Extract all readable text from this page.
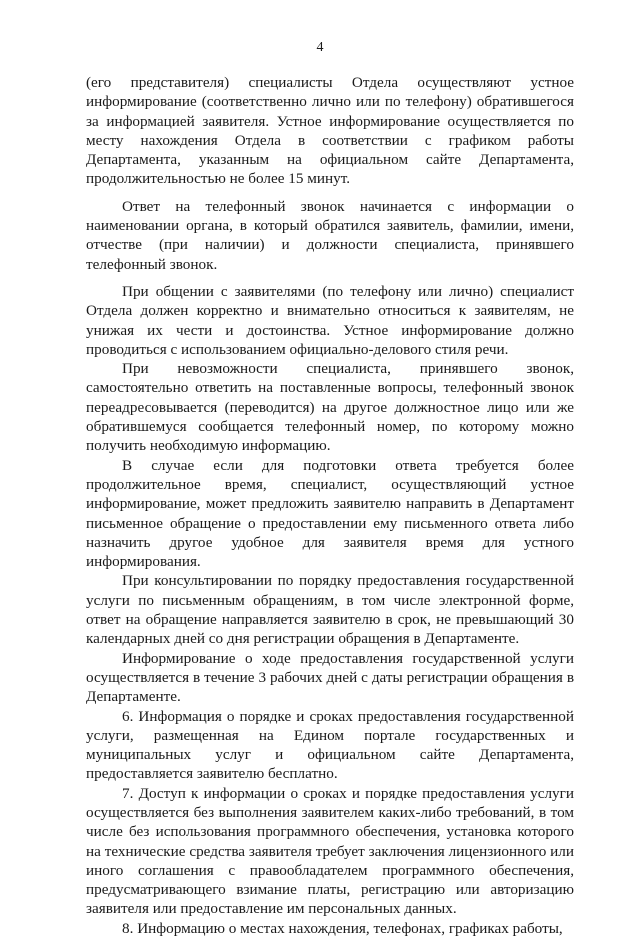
4

(его представителя) специалисты Отдела осуществляют устное информирование (соответственно лично или по телефону) обратившегося за информацией заявителя. Устное информирование осуществляется по месту нахождения Отдела в соответствии с графиком работы Департамента, указанным на официальном сайте Департамента, продолжительностью не более 15 минут.

Ответ на телефонный звонок начинается с информации о наименовании органа, в который обратился заявитель, фамилии, имени, отчестве (при наличии) и должности специалиста, принявшего телефонный звонок.

При общении с заявителями (по телефону или лично) специалист Отдела должен корректно и внимательно относиться к заявителям, не унижая их чести и достоинства. Устное информирование должно проводиться с использованием официально-делового стиля речи.

При невозможности специалиста, принявшего звонок, самостоятельно ответить на поставленные вопросы, телефонный звонок переадресовывается (переводится) на другое должностное лицо или же обратившемуся сообщается телефонный номер, по которому можно получить необходимую информацию.

В случае если для подготовки ответа требуется более продолжительное время, специалист, осуществляющий устное информирование, может предложить заявителю направить в Департамент письменное обращение о предоставлении ему письменного ответа либо назначить другое удобное для заявителя время для устного информирования.

При консультировании по порядку предоставления государственной услуги по письменным обращениям, в том числе электронной форме, ответ на обращение направляется заявителю в срок, не превышающий 30 календарных дней со дня регистрации обращения в Департаменте.

Информирование о ходе предоставления государственной услуги осуществляется в течение 3 рабочих дней с даты регистрации обращения в Департаменте.

6. Информация о порядке и сроках предоставления государственной услуги, размещенная на Едином портале государственных и муниципальных услуг и официальном сайте Департамента, предоставляется заявителю бесплатно.

7. Доступ к информации о сроках и порядке предоставления услуги осуществляется без выполнения заявителем каких-либо требований, в том числе без использования программного обеспечения, установка которого на технические средства заявителя требует заключения лицензионного или иного соглашения с правообладателем программного обеспечения, предусматривающего взимание платы, регистрацию или авторизацию заявителя или предоставление им персональных данных.

8. Информацию о местах нахождения, телефонах, графиках работы,
